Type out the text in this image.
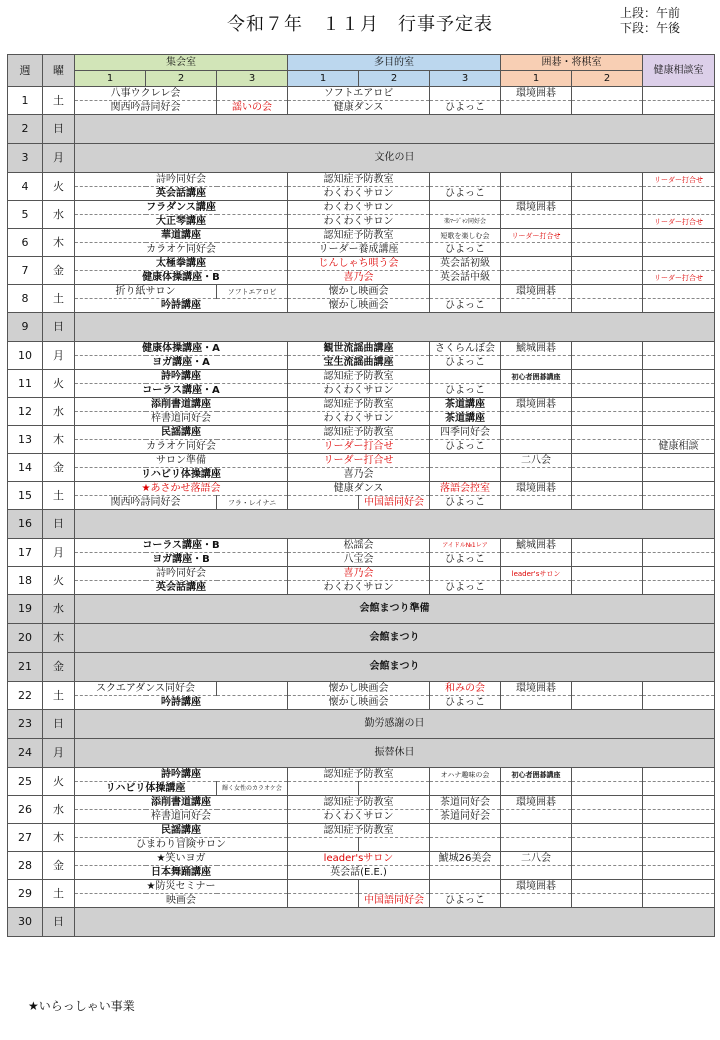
令和７年　１１月　行事予定表
上段：午前
下段：午後
週	曜	集会室			多目的室			囲碁・将棋室		健康相談室
		1	2	3	1	2	3	1	2	
1	土	八事ウクレレ会			ソフトエアロビ			環境囲碁		
		関西吟詩同好会		謡いの会	健康ダンス		ひよっこ			
2	日									
3	月	文化の日								
4	火	詩吟同好会			認知症予防教室					リーダー打合せ
		英会話講座			わくわくサロン		ひよっこ			
5	水	フラダンス講座			わくわくサロン			環境囲碁		
		大正琴講座			わくわくサロン		楽ﾏｰｼﾞｬﾝ同好会			リーダー打合せ
6	木	華道講座			認知症予防教室		短歌を楽しむ会	リーダー打合せ		
		カラオケ同好会			リーダー養成講座		ひよっこ			
7	金	太極拳講座			じんしゃち唄う会		英会話初級			
		健康体操講座・B			喜乃会		英会話中級			リーダー打合せ
8	土	折り紙サロン		ソフトエアロビ	懐かし映画会			環境囲碁		
		吟詩講座			懐かし映画会		ひよっこ			
9	日									
10	月	健康体操講座・A			観世流謡曲講座		さくらんぼ会	鯱城囲碁		
		ヨガ講座・A			宝生流謡曲講座		ひよっこ			
11	火	詩吟講座			認知症予防教室			初心者囲碁講座		
		コーラス講座・A			わくわくサロン		ひよっこ			
12	水	添削書道講座			認知症予防教室		茶道講座	環境囲碁		
		梓書道同好会			わくわくサロン		茶道講座			
13	木	民謡講座			認知症予防教室		四季同好会			
		カラオケ同好会			リーダー打合せ		ひよっこ			健康相談
14	金	サロン準備			リーダー打合せ			二八会		
		リハビリ体操講座			喜乃会					
15	土	★あさかせ落語会			健康ダンス		落語会控室	環境囲碁		
		関西吟詩同好会		フラ・レイナニ		中国語同好会	ひよっこ			
16	日									
17	月	コーラス講座・B			松謡会		アイドル№1レア	鯱城囲碁		
		ヨガ講座・B			八宝会		ひよっこ			
18	火	詩吟同好会			喜乃会			leader'sサロン		
		英会話講座			わくわくサロン		ひよっこ			
19	水	会館まつり準備								
20	木	会館まつり								
21	金	会館まつり								
22	土	スクエアダンス同好会			懐かし映画会		和みの会	環境囲碁		
		吟詩講座			懐かし映画会		ひよっこ			
23	日	勤労感謝の日								
24	月	振替休日								
25	火	詩吟講座			認知症予防教室		オハナ趣味の会	初心者囲碁講座		
		リハビリ体操講座		輝く女性のカラオケ会						
26	水	添削書道講座			認知症予防教室		茶道同好会	環境囲碁		
		梓書道同好会			わくわくサロン		茶道同好会			
27	木	民謡講座			認知症予防教室					
		ひまわり冒険サロン								
28	金	★笑いヨガ			leader'sサロン		鯱城26美会	二八会		
		日本舞踊講座			英会話(E.E.)					
29	土	★防災セミナー						環境囲碁		
		映画会				中国語同好会	ひよっこ			
30	日									
★いらっしゃい事業
